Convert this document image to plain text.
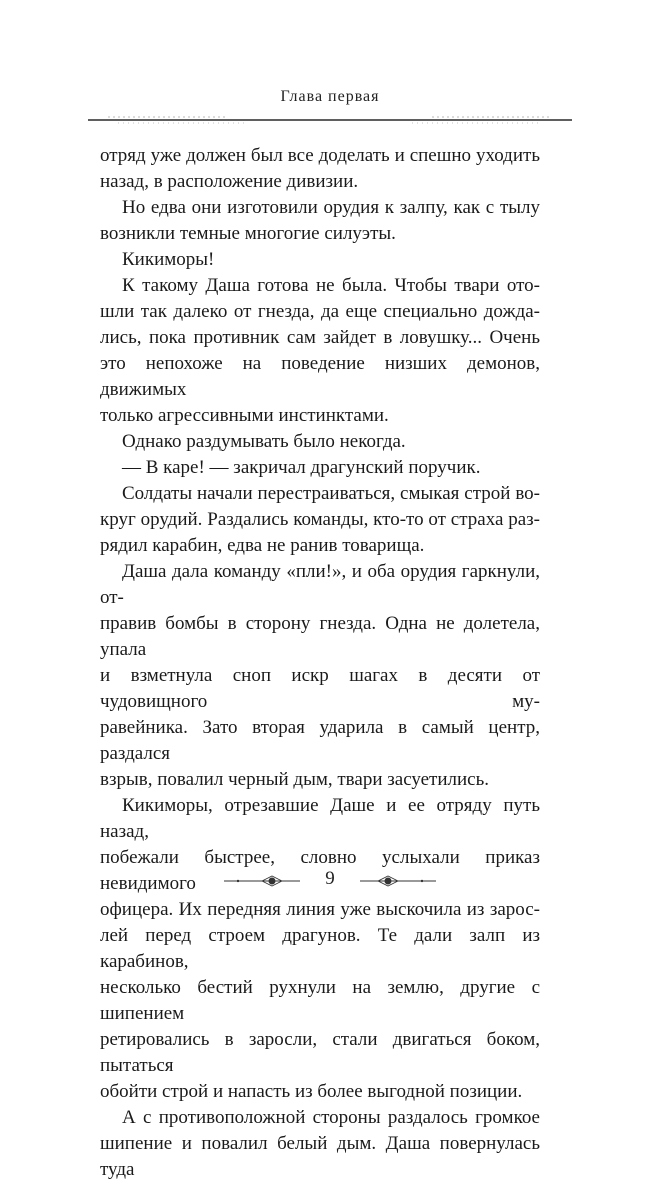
Глава первая
отряд уже должен был все доделать и спешно уходить
назад, в расположение дивизии.
Но едва они изготовили орудия к залпу, как с тылу
возникли темные многогие силуэты.
Кикиморы!
К такому Даша готова не была. Чтобы твари ото-
шли так далеко от гнезда, да еще специально дожда-
лись, пока противник сам зайдет в ловушку... Очень
это непохоже на поведение низших демонов, движимых
только агрессивными инстинктами.
Однако раздумывать было некогда.
— В каре! — закричал драгунский поручик.
Солдаты начали перестраиваться, смыкая строй во-
круг орудий. Раздались команды, кто-то от страха раз-
рядил карабин, едва не ранив товарища.
Даша дала команду «пли!», и оба орудия гаркнули, от-
правив бомбы в сторону гнезда. Одна не долетела, упала
и взметнула сноп искр шагах в десяти от чудовищного му-
равейника. Зато вторая ударила в самый центр, раздался
взрыв, повалил черный дым, твари засуетились.
Кикиморы, отрезавшие Даше и ее отряду путь назад,
побежали быстрее, словно услыхали приказ невидимого
офицера. Их передняя линия уже выскочила из зарос-
лей перед строем драгунов. Те дали залп из карабинов,
несколько бестий рухнули на землю, другие с шипением
ретировались в заросли, стали двигаться боком, пытаться
обойти строй и напасть из более выгодной позиции.
А с противоположной стороны раздалось громкое
шипение и повалил белый дым. Даша повернулась туда
9
